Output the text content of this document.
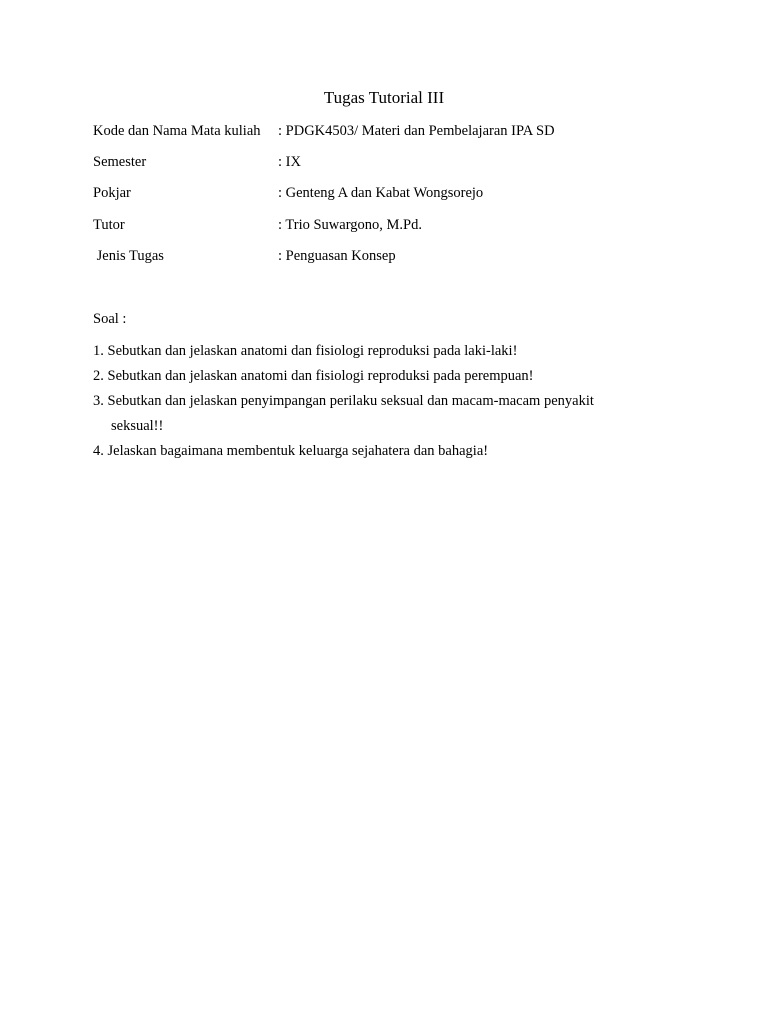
Tugas Tutorial III
Kode dan Nama Mata kuliah : PDGK4503/ Materi dan Pembelajaran IPA SD
Semester	: IX
Pokjar	: Genteng A dan Kabat Wongsorejo
Tutor	: Trio Suwargono, M.Pd.
Jenis Tugas	: Penguasan Konsep
Soal :
1. Sebutkan dan jelaskan anatomi dan fisiologi reproduksi pada laki-laki!
2. Sebutkan dan jelaskan anatomi dan fisiologi reproduksi pada perempuan!
3. Sebutkan dan jelaskan penyimpangan perilaku seksual dan macam-macam penyakit
seksual!!
4. Jelaskan bagaimana membentuk keluarga sejahatera dan bahagia!
